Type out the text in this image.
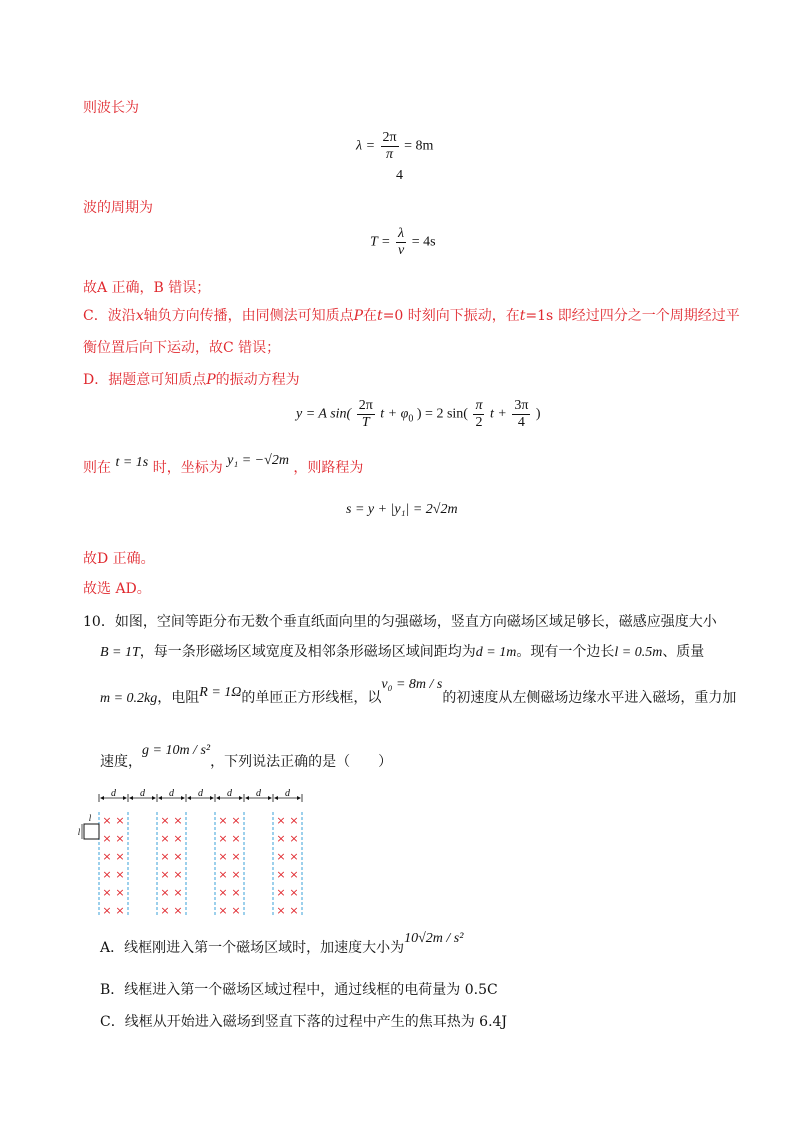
则波长为
$\lambda = \frac{2\pi}{\pi} = 8m$
4
波的周期为
$T = \frac{\lambda}{v} = 4s$
故A 正确，B 错误；
C．波沿x轴负方向传播，由同侧法可知质点P在t=0 时刻向下振动，在t=1s 即经过四分之一个周期经过平
衡位置后向下运动，故C 错误；
D．据题意可知质点P的振动方程为
y = A $\sin( \frac{2\pi}{T}$ $t + \varphi_0$ ) = 2 $\sin( \frac{\pi}{2}$ $t + \frac{3\pi}{4}$ )
则在 t = 1s 时，坐标为 y₁ = −√2m ，则路程为
s = y + |y₁| = 2√2m
故D 正确。
故选 AD。
10．如图，空间等距分布无数个垂直纸面向里的匀强磁场，竖直方向磁场区域足够长，磁感应强度大小
B = 1T，每一条形磁场区域宽度及相邻条形磁场区域间距均为d = 1m。现有一个边长l = 0.5m、质量
m = 0.2kg，电阻R = 1Ω的单匝正方形线框，以v₀ = 8m / s的初速度从左侧磁场边缘水平进入磁场，重力加
速度，g = 10m / s²，下列说法正确的是（　　）
d d d d d d d
× ×
× ×
× ×
× ×
× ×
× ×
× ×
× ×
× ×
× ×
× ×
× ×
× ×
× ×
× ×
× ×
× ×
× ×
× ×
× ×
× ×
× ×
× ×
× ×
l
l
A．线框刚进入第一个磁场区域时，加速度大小为10√2m / s²
B．线框进入第一个磁场区域过程中，通过线框的电荷量为 0.5C
C．线框从开始进入磁场到竖直下落的过程中产生的焦耳热为 6.4J
